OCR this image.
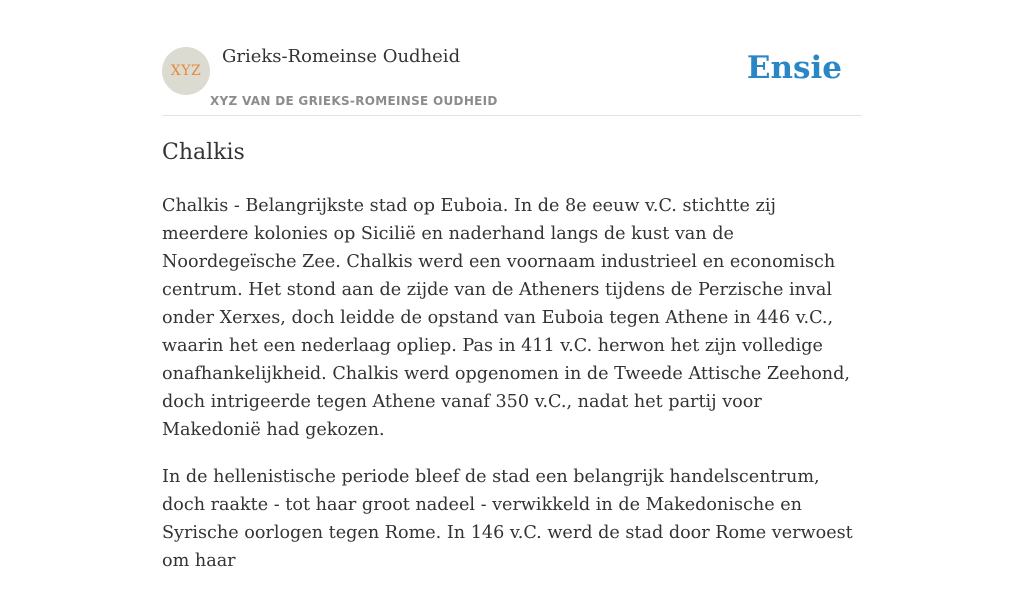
XYZ
Grieks-Romeinse Oudheid
XYZ VAN DE GRIEKS-ROMEINSE OUDHEID
Ensie
Chalkis

Chalkis - Belangrijkste stad op Euboia. In de 8e eeuw v.C. stichtte zij meerdere kolonies op Sicilië en naderhand langs de kust van de Noordegeïsche Zee. Chalkis werd een voornaam industrieel en economisch centrum. Het stond aan de zijde van de Atheners tijdens de Perzische inval onder Xerxes, doch leidde de opstand van Euboia tegen Athene in 446 v.C., waarin het een nederlaag opliep. Pas in 411 v.C. herwon het zijn volledige onafhankelijkheid. Chalkis werd opgenomen in de Tweede Attische Zeehond, doch intrigeerde tegen Athene vanaf 350 v.C., nadat het partij voor Makedonië had gekozen.

In de hellenistische periode bleef de stad een belangrijk handelscentrum, doch raakte - tot haar groot nadeel - verwikkeld in de Makedonische en Syrische oorlogen tegen Rome. In 146 v.C. werd de stad door Rome verwoest om haar
